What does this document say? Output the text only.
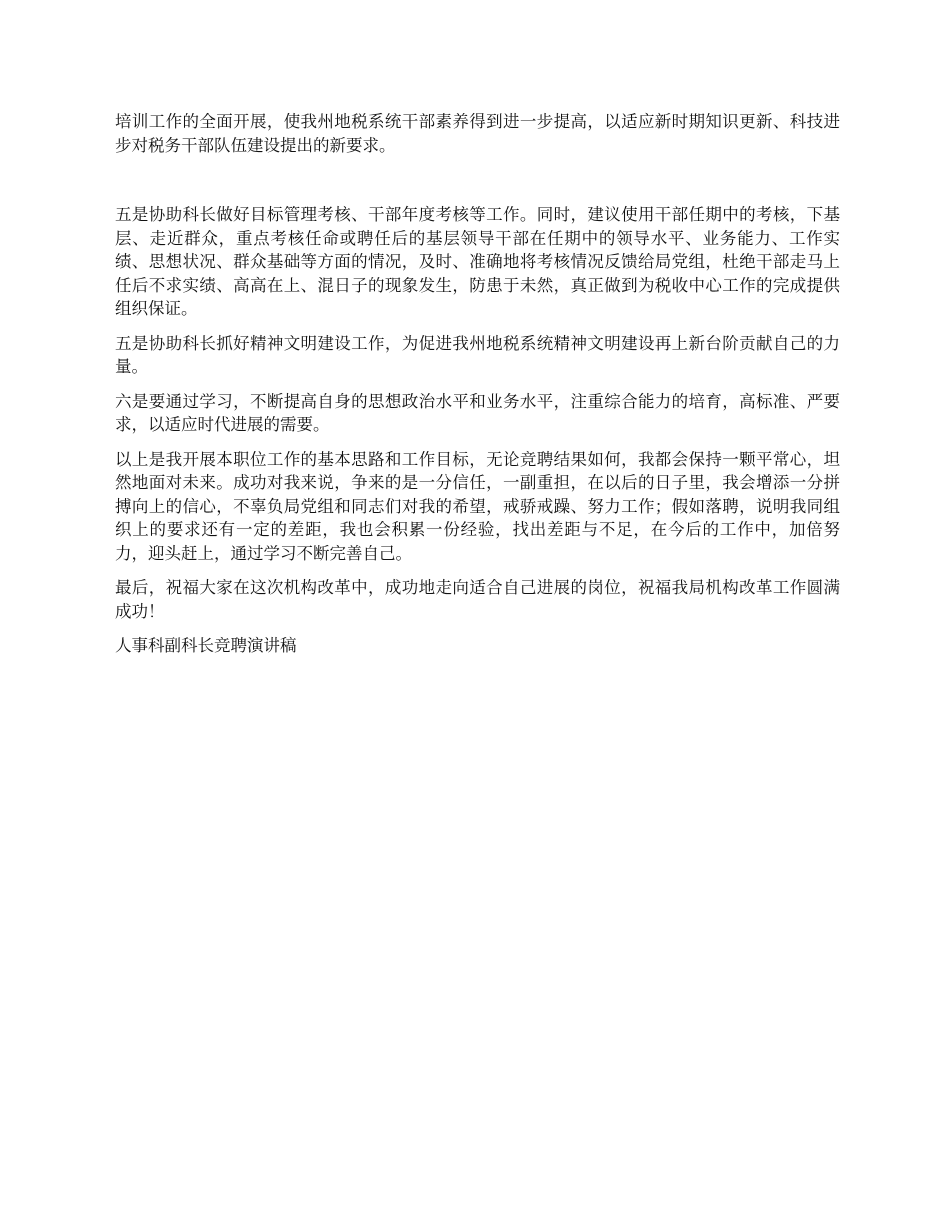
培训工作的全面开展，使我州地税系统干部素养得到进一步提高，以适应新时期知识更新、科技进步对税务干部队伍建设提出的新要求。

五是协助科长做好目标管理考核、干部年度考核等工作。同时，建议使用干部任期中的考核，下基层、走近群众，重点考核任命或聘任后的基层领导干部在任期中的领导水平、业务能力、工作实绩、思想状况、群众基础等方面的情况，及时、准确地将考核情况反馈给局党组，杜绝干部走马上任后不求实绩、高高在上、混日子的现象发生，防患于未然，真正做到为税收中心工作的完成提供组织保证。

五是协助科长抓好精神文明建设工作，为促进我州地税系统精神文明建设再上新台阶贡献自己的力量。

六是要通过学习，不断提高自身的思想政治水平和业务水平，注重综合能力的培育，高标准、严要求，以适应时代进展的需要。

以上是我开展本职位工作的基本思路和工作目标，无论竞聘结果如何，我都会保持一颗平常心，坦然地面对未来。成功对我来说，争来的是一分信任，一副重担，在以后的日子里，我会增添一分拼搏向上的信心，不辜负局党组和同志们对我的希望，戒骄戒躁、努力工作；假如落聘，说明我同组织上的要求还有一定的差距，我也会积累一份经验，找出差距与不足，在今后的工作中，加倍努力，迎头赶上，通过学习不断完善自己。

最后，祝福大家在这次机构改革中，成功地走向适合自己进展的岗位，祝福我局机构改革工作圆满成功！

人事科副科长竞聘演讲稿
